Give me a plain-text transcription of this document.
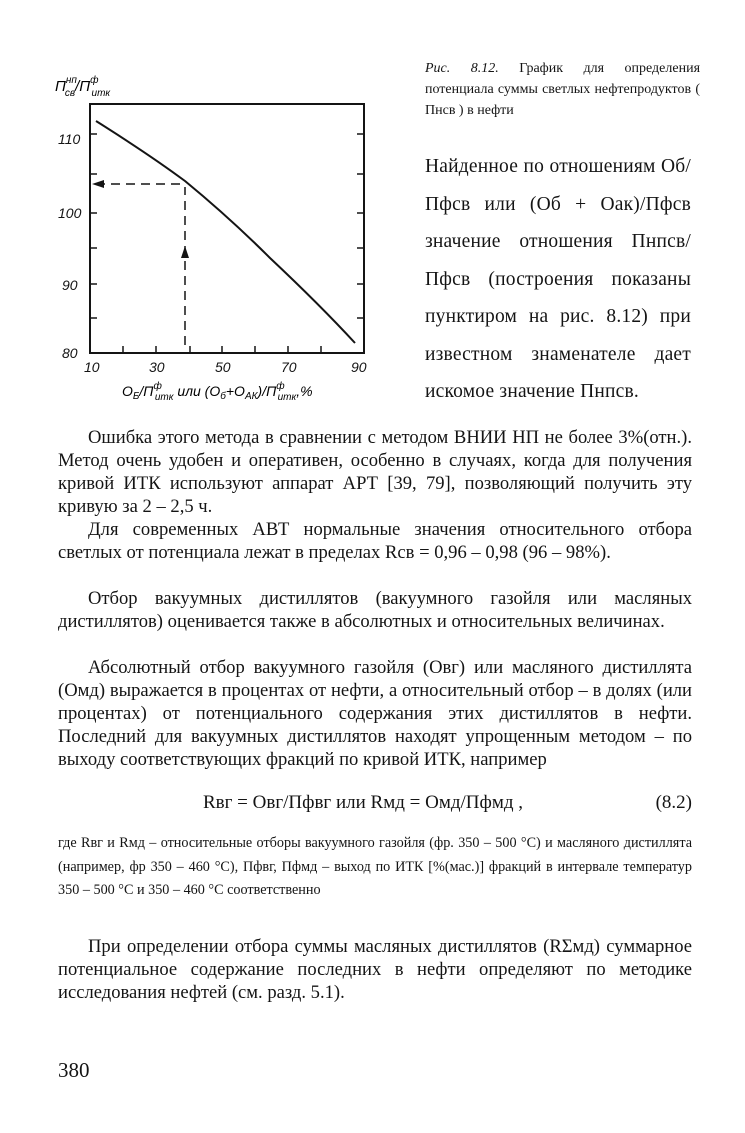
$П^{нп}$ $св/П^ф$ итк
110
100
90
80
10	30	50	70	90
$О_Б/П^ф$ итк или $(О_б+О_{АК})/П^ф$ итк,%
Рис. 8.12. График для определения потенциала суммы светлых нефтепродуктов ( Пнсв ) в нефти
Найденное по отношениям Об/Пфсв или (Об + Оак)/Пфсв значение отношения Пнпсв/Пфсв (построения показаны пунктиром на рис. 8.12) при известном знаменателе дает искомое значение Пнпсв.
Ошибка этого метода в сравнении с методом ВНИИ НП не более 3%(отн.). Метод очень удобен и оперативен, особенно в случаях, когда для получения кривой ИТК используют аппарат АРТ [39, 79], позволяющий получить эту кривую за 2 – 2,5 ч.
Для современных АВТ нормальные значения относительного отбора светлых от потенциала лежат в пределах Rсв = 0,96 – 0,98 (96 – 98%).
Отбор вакуумных дистиллятов (вакуумного газойля или масляных дистиллятов) оценивается также в абсолютных и относительных величинах.
Абсолютный отбор вакуумного газойля (Овг) или масляного дистиллята (Омд) выражается в процентах от нефти, а относительный отбор – в долях (или процентах) от потенциального содержания этих дистиллятов в нефти. Последний для вакуумных дистиллятов находят упрощенным методом – по выходу соответствующих фракций по кривой ИТК, например
Rвг = Овг/Пфвг или Rмд = Омд/Пфмд ,	(8.2)
где Rвг и Rмд – относительные отборы вакуумного газойля (фр. 350 – 500 °С) и масляного дистиллята (например, фр 350 – 460 °С), Пфвг, Пфмд – выход по ИТК [%(мас.)] фракций в интервале температур 350 – 500 °С и 350 – 460 °С соответственно
При определении отбора суммы масляных дистиллятов (RΣмд) суммарное потенциальное содержание последних в нефти определяют по методике исследования нефтей (см. разд. 5.1).
380
